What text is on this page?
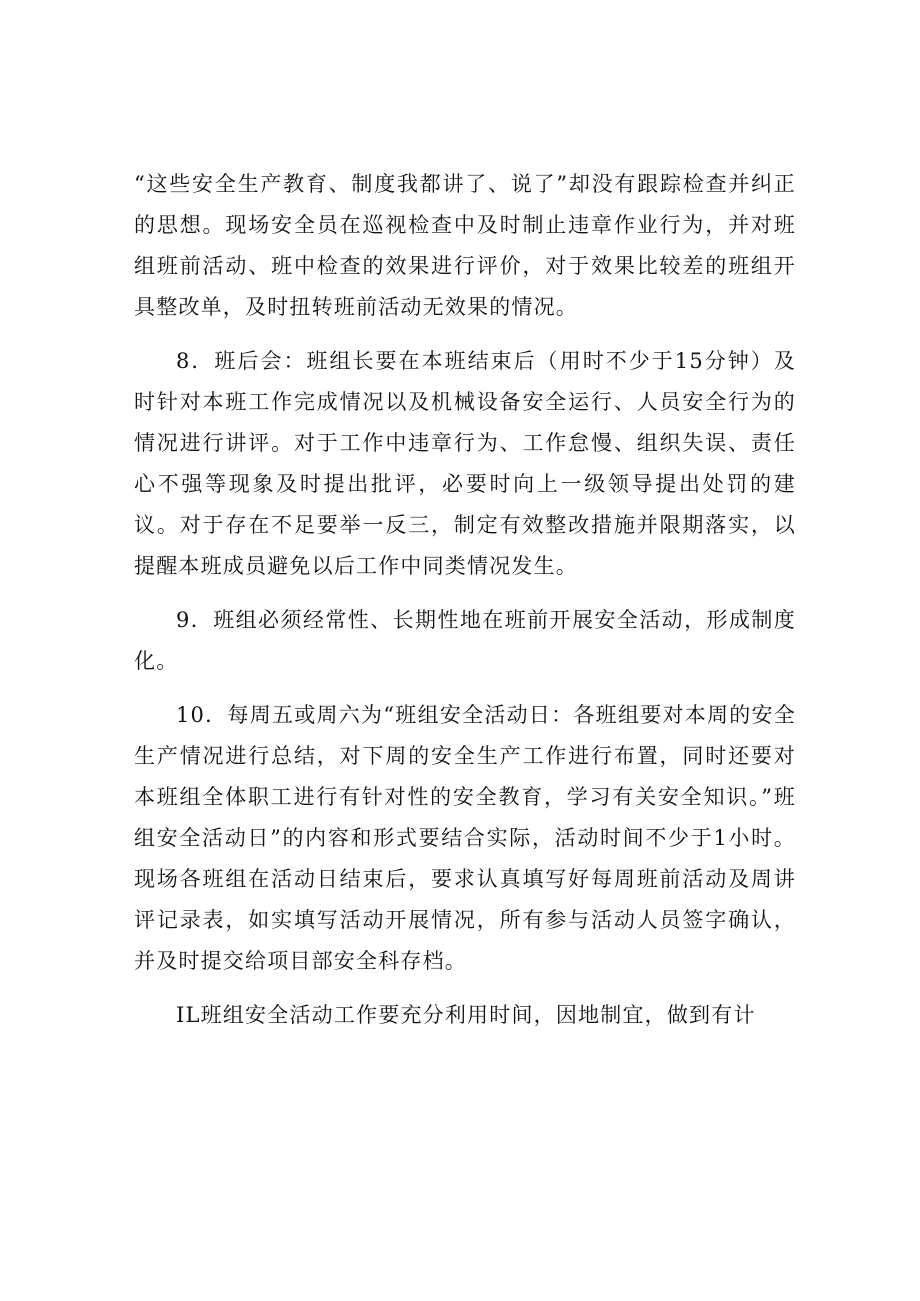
“这些安全生产教育、制度我都讲了、说了”却没有跟踪检查并纠正的思想。现场安全员在巡视检查中及时制止违章作业行为，并对班组班前活动、班中检查的效果进行评价，对于效果比较差的班组开具整改单，及时扭转班前活动无效果的情况。

8．班后会：班组长要在本班结束后（用时不少于15分钟）及时针对本班工作完成情况以及机械设备安全运行、人员安全行为的情况进行讲评。对于工作中违章行为、工作怠慢、组织失误、责任心不强等现象及时提出批评，必要时向上一级领导提出处罚的建议。对于存在不足要举一反三，制定有效整改措施并限期落实，以提醒本班成员避免以后工作中同类情况发生。

9．班组必须经常性、长期性地在班前开展安全活动，形成制度化。

10．每周五或周六为“班组安全活动日：各班组要对本周的安全生产情况进行总结，对下周的安全生产工作进行布置，同时还要对本班组全体职工进行有针对性的安全教育，学习有关安全知识。”班组安全活动日”的内容和形式要结合实际，活动时间不少于1小时。现场各班组在活动日结束后，要求认真填写好每周班前活动及周讲评记录表，如实填写活动开展情况，所有参与活动人员签字确认，并及时提交给项目部安全科存档。

IL班组安全活动工作要充分利用时间，因地制宜，做到有计
